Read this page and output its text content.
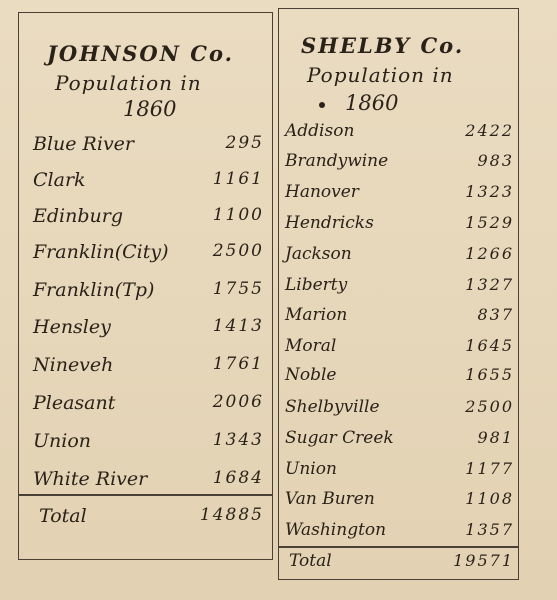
JOHNSON Co.
Population in
1860
Blue River	295
Clark	1161
Edinburg	1100
Franklin(City)	2500
Franklin(Tp)	1755
Hensley	1413
Nineveh	1761
Pleasant	2006
Union	1343
White River	1684
Total	14885
SHELBY Co.
Population in
1860
Addison	2422
Brandywine	983
Hanover	1323
Hendricks	1529
Jackson	1266
Liberty	1327
Marion	837
Moral	1645
Noble	1655
Shelbyville	2500
Sugar Creek	981
Union	1177
Van Buren	1108
Washington	1357
Total	19571
